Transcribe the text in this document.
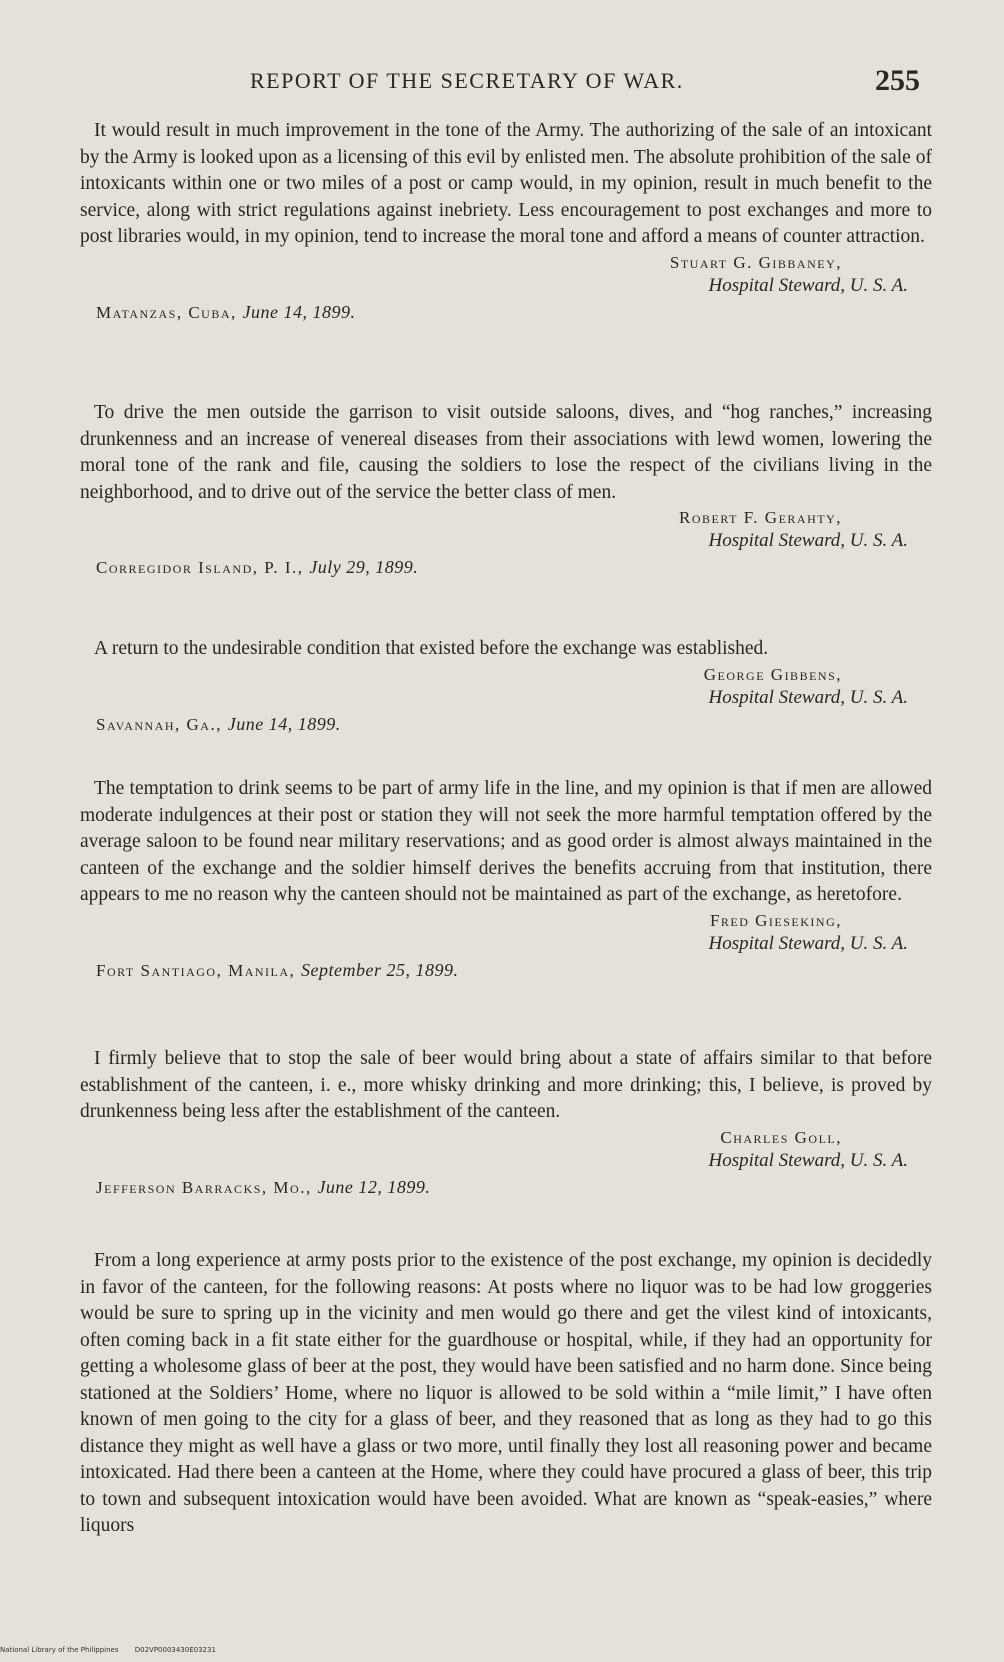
REPORT OF THE SECRETARY OF WAR.	255

It would result in much improvement in the tone of the Army. The authorizing of the sale of an intoxicant by the Army is looked upon as a licensing of this evil by enlisted men. The absolute prohibition of the sale of intoxicants within one or two miles of a post or camp would, in my opinion, result in much benefit to the service, along with strict regulations against inebriety. Less encouragement to post exchanges and more to post libraries would, in my opinion, tend to increase the moral tone and afford a means of counter attraction.

Stuart G. Gibbaney,
Hospital Steward, U. S. A.
Matanzas, Cuba, June 14, 1899.

To drive the men outside the garrison to visit outside saloons, dives, and “hog ranches,” increasing drunkenness and an increase of venereal diseases from their associations with lewd women, lowering the moral tone of the rank and file, causing the soldiers to lose the respect of the civilians living in the neighborhood, and to drive out of the service the better class of men.

Robert F. Gerahty,
Hospital Steward, U. S. A.
Corregidor Island, P. I., July 29, 1899.

A return to the undesirable condition that existed before the exchange was established.

George Gibbens,
Hospital Steward, U. S. A.
Savannah, Ga., June 14, 1899.

The temptation to drink seems to be part of army life in the line, and my opinion is that if men are allowed moderate indulgences at their post or station they will not seek the more harmful temptation offered by the average saloon to be found near military reservations; and as good order is almost always maintained in the canteen of the exchange and the soldier himself derives the benefits accruing from that institution, there appears to me no reason why the canteen should not be maintained as part of the exchange, as heretofore.

Fred Gieseking,
Hospital Steward, U. S. A.
Fort Santiago, Manila, September 25, 1899.

I firmly believe that to stop the sale of beer would bring about a state of affairs similar to that before establishment of the canteen, i. e., more whisky drinking and more drinking; this, I believe, is proved by drunkenness being less after the establishment of the canteen.

Charles Goll,
Hospital Steward, U. S. A.
Jefferson Barracks, Mo., June 12, 1899.

From a long experience at army posts prior to the existence of the post exchange, my opinion is decidedly in favor of the canteen, for the following reasons: At posts where no liquor was to be had low groggeries would be sure to spring up in the vicinity and men would go there and get the vilest kind of intoxicants, often coming back in a fit state either for the guardhouse or hospital, while, if they had an opportunity for getting a wholesome glass of beer at the post, they would have been satisfied and no harm done. Since being stationed at the Soldiers’ Home, where no liquor is allowed to be sold within a “mile limit,” I have often known of men going to the city for a glass of beer, and they reasoned that as long as they had to go this distance they might as well have a glass or two more, until finally they lost all reasoning power and became intoxicated. Had there been a canteen at the Home, where they could have procured a glass of beer, this trip to town and subsequent intoxication would have been avoided. What are known as “speak-easies,” where liquors

National Library of the Philippines D02VP0003430E03231
